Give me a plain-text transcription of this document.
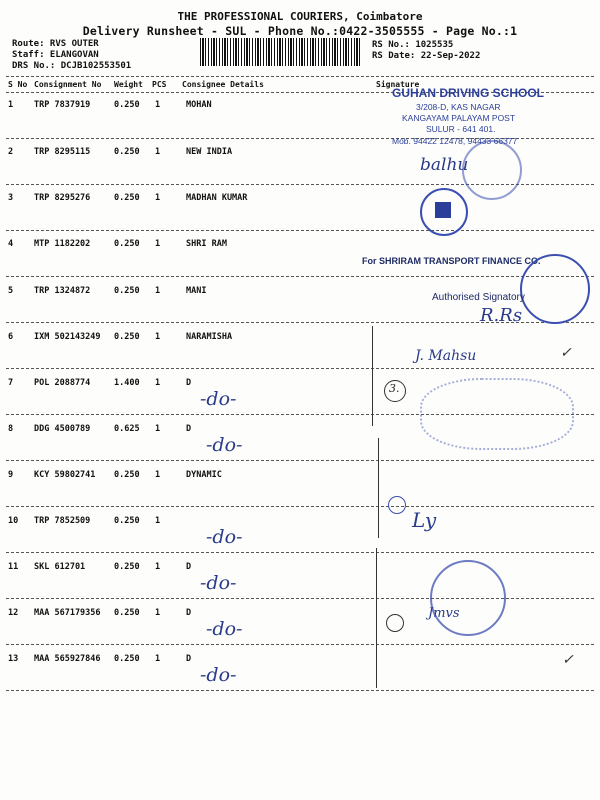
THE PROFESSIONAL COURIERS, Coimbatore
Delivery Runsheet - SUL - Phone No.:0422-3505555 - Page No.:1
Route: RVS OUTER
Staff: ELANGOVAN
DRS No.: DCJB102553501
RS No.: 1025535
RS Date: 22-Sep-2022
S No Consignment No Weight PCS Consignee Details	Signature
1 TRP 7837919	0.250 1	MOHAN
2 TRP 8295115	0.250 1	NEW INDIA
3 TRP 8295276	0.250 1	MADHAN KUMAR
4 MTP 1182202	0.250 1	SHRI RAM
5 TRP 1324872	0.250 1	MANI
6 IXM 502143249 0.250 1	NARAMISHA
7 POL 2088774	1.400 1	D
-do-
8 DDG 4500789	0.625 1	D
-do-
9 KCY 59802741 0.250 1	DYNAMIC
10 TRP 7852509	0.250 1
-do-
11 SKL 612701	0.250 1	D
-do-
12 MAA 567179356 0.250 1	D
-do-
13 MAA 565927846 0.250 1	D
-do-
GUHAN DRIVING SCHOOL
3/208-D, KAS NAGAR
KANGAYAM PALAYAM POST
SULUR - 641 401.
Mob. 94422 12478, 94433 66377
baⅼhu
For SHRIRAM TRANSPORT FINANCE CO.
Authorised Signatory
R.Rs
J. Mahsu	✓
3.
Ly
Jmvs
✓
